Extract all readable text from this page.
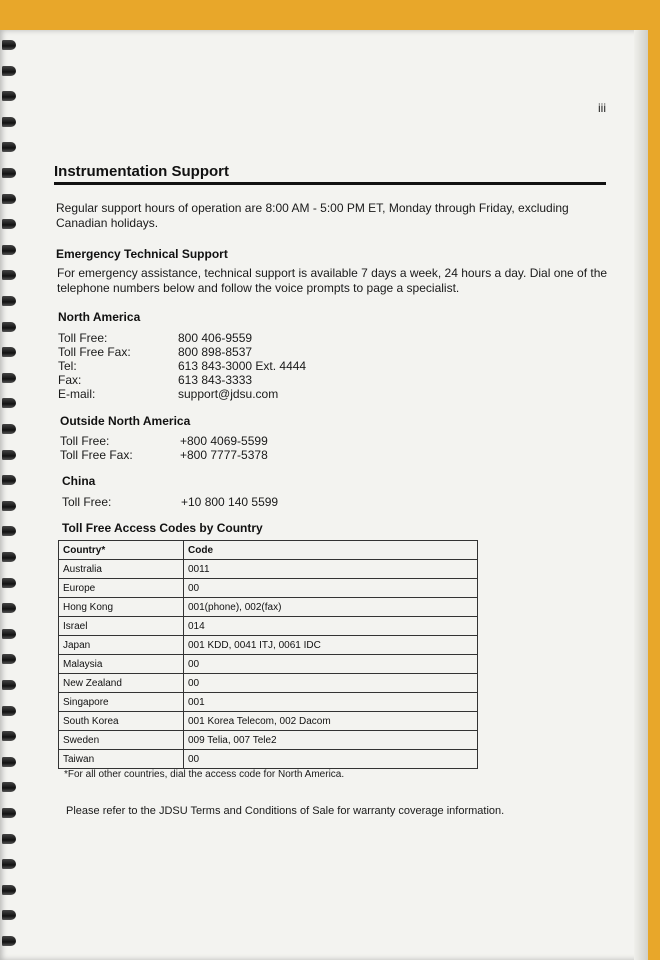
iii
Instrumentation Support
Regular support hours of operation are 8:00 AM - 5:00 PM ET, Monday through Friday, excluding Canadian holidays.
Emergency Technical Support
For emergency assistance, technical support is available 7 days a week, 24 hours a day. Dial one of the telephone numbers below and follow the voice prompts to page a specialist.
North America
Toll Free:	800 406-9559
Toll Free Fax:	800 898-8537
Tel:	613 843-3000 Ext. 4444
Fax:	613 843-3333
E-mail:	support@jdsu.com
Outside North America
Toll Free:	+800 4069-5599
Toll Free Fax:	+800 7777-5378
China
Toll Free:	+10 800 140 5599
Toll Free Access Codes by Country
Country*	Code
Australia	0011
Europe	00
Hong Kong	001(phone), 002(fax)
Israel	014
Japan	001 KDD, 0041 ITJ, 0061 IDC
Malaysia	00
New Zealand	00
Singapore	001
South Korea	001 Korea Telecom, 002 Dacom
Sweden	009 Telia, 007 Tele2
Taiwan	00
*For all other countries, dial the access code for North America.
Please refer to the JDSU Terms and Conditions of Sale for warranty coverage information.
